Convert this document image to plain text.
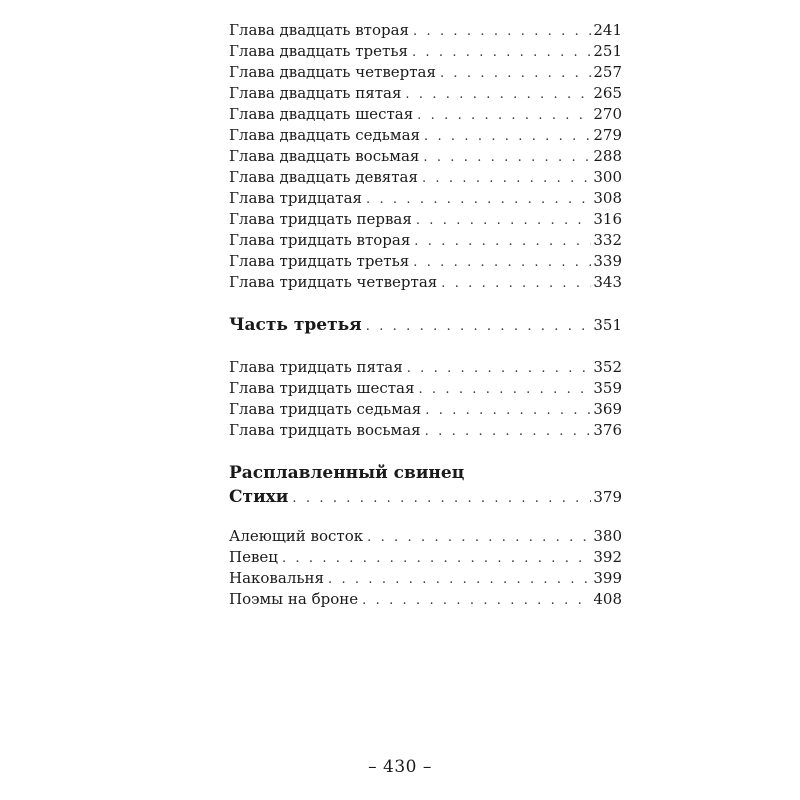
Глава двадцать вторая . . .	241
Глава двадцать третья . . .	251
Глава двадцать четвертая . . .	257
Глава двадцать пятая . . .	265
Глава двадцать шестая . . .	270
Глава двадцать седьмая . . .	279
Глава двадцать восьмая . . .	288
Глава двадцать девятая . . .	300
Глава тридцатая . . .	308
Глава тридцать первая . . .	316
Глава тридцать вторая . . .	332
Глава тридцать третья . . .	339
Глава тридцать четвертая . . .	343
Часть третья . . .	351
Глава тридцать пятая . . .	352
Глава тридцать шестая . . .	359
Глава тридцать седьмая . . .	369
Глава тридцать восьмая . . .	376
Расплавленный свинец
Стихи . . .	379
Алеющий восток . . .	380
Певец . . .	392
Наковальня . . .	399
Поэмы на броне . . .	408
– 430 –
